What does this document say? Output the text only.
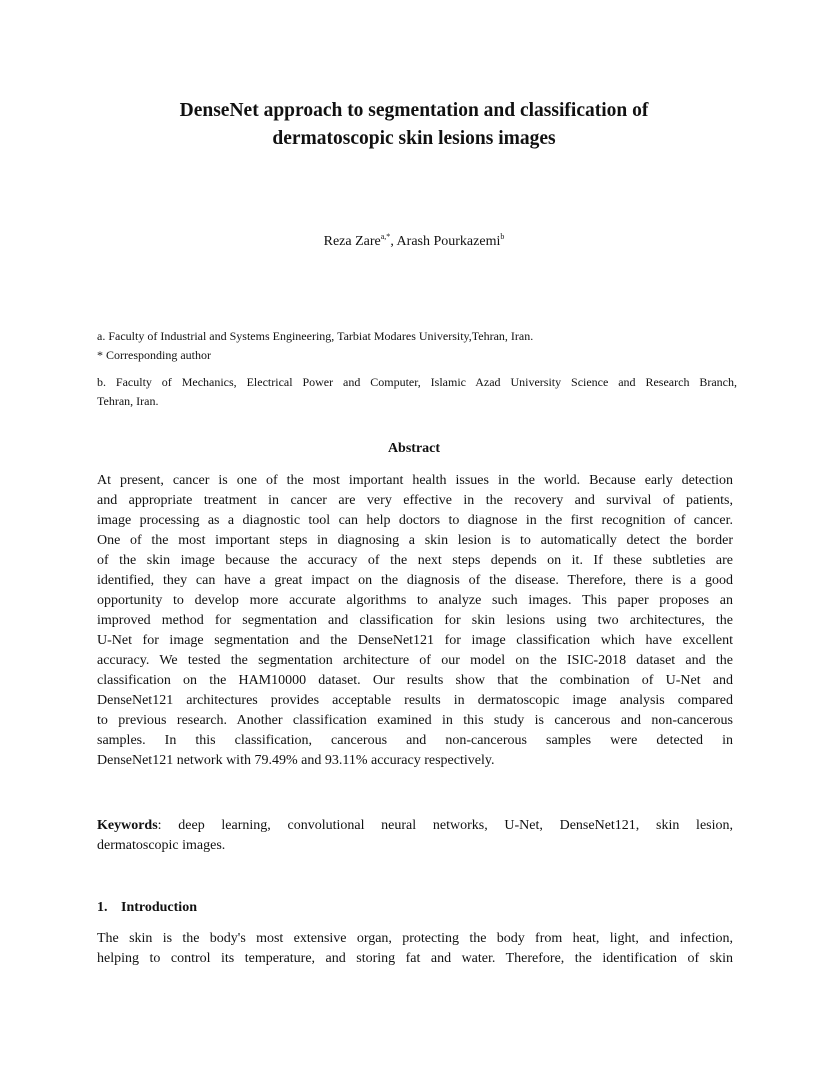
DenseNet approach to segmentation and classification of
dermatoscopic skin lesions images
Reza Zare$^{a,*}$, Arash Pourkazemi$^b$
a. Faculty of Industrial and Systems Engineering, Tarbiat Modares University,Tehran, Iran.
* Corresponding author
b. Faculty of Mechanics, Electrical Power and Computer, Islamic Azad University Science and Research Branch,
Tehran, Iran.
Abstract
At present, cancer is one of the most important health issues in the world. Because early detection
and appropriate treatment in cancer are very effective in the recovery and survival of patients,
image processing as a diagnostic tool can help doctors to diagnose in the first recognition of cancer.
One of the most important steps in diagnosing a skin lesion is to automatically detect the border
of the skin image because the accuracy of the next steps depends on it. If these subtleties are
identified, they can have a great impact on the diagnosis of the disease. Therefore, there is a good
opportunity to develop more accurate algorithms to analyze such images. This paper proposes an
improved method for segmentation and classification for skin lesions using two architectures, the
U-Net for image segmentation and the DenseNet121 for image classification which have excellent
accuracy. We tested the segmentation architecture of our model on the ISIC-2018 dataset and the
classification on the HAM10000 dataset. Our results show that the combination of U-Net and
DenseNet121 architectures provides acceptable results in dermatoscopic image analysis compared
to previous research. Another classification examined in this study is cancerous and non-cancerous
samples. In this classification, cancerous and non-cancerous samples were detected in
DenseNet121 network with 79.49% and 93.11% accuracy respectively.
Keywords: deep learning, convolutional neural networks, U-Net, DenseNet121, skin lesion,
dermatoscopic images.
1. Introduction
The skin is the body's most extensive organ, protecting the body from heat, light, and infection,
helping to control its temperature, and storing fat and water. Therefore, the identification of skin
